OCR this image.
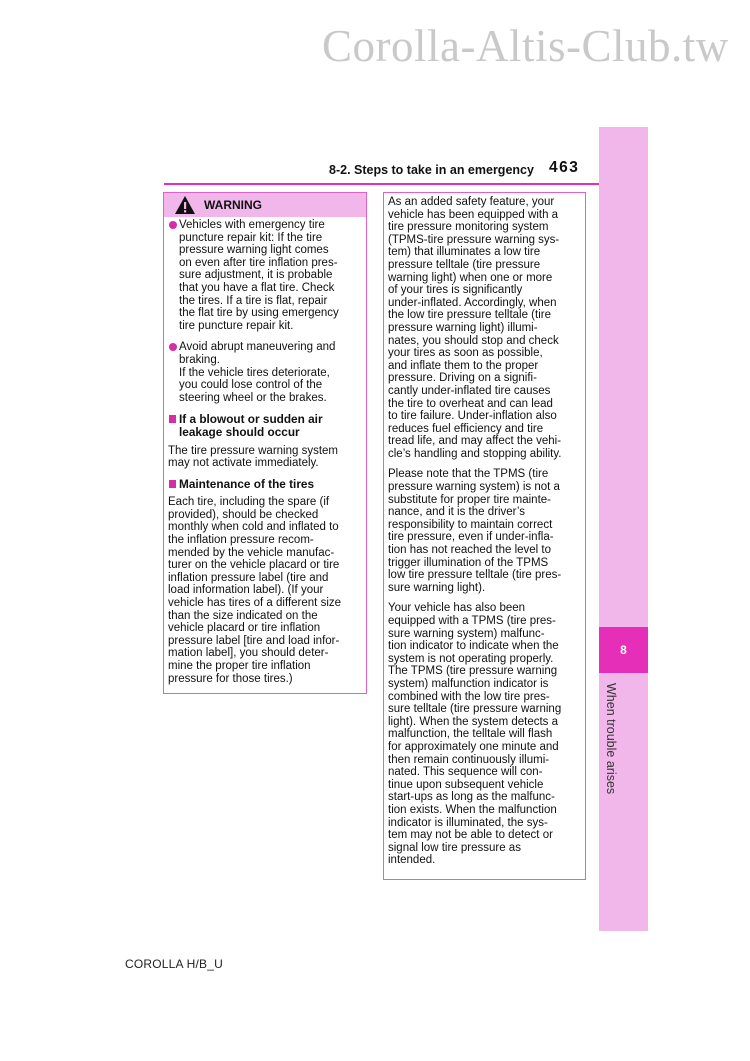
Corolla-Altis-Club.tw
8
When trouble arises
8-2. Steps to take in an emergency 463
WARNING
Vehicles with emergency tire
puncture repair kit: If the tire
pressure warning light comes
on even after tire inflation pres-
sure adjustment, it is probable
that you have a flat tire. Check
the tires. If a tire is flat, repair
the flat tire by using emergency
tire puncture repair kit.
Avoid abrupt maneuvering and
braking.
If the vehicle tires deteriorate,
you could lose control of the
steering wheel or the brakes.
If a blowout or sudden air
leakage should occur
The tire pressure warning system
may not activate immediately.
Maintenance of the tires
Each tire, including the spare (if
provided), should be checked
monthly when cold and inflated to
the inflation pressure recom-
mended by the vehicle manufac-
turer on the vehicle placard or tire
inflation pressure label (tire and
load information label). (If your
vehicle has tires of a different size
than the size indicated on the
vehicle placard or tire inflation
pressure label [tire and load infor-
mation label], you should deter-
mine the proper tire inflation
pressure for those tires.)
As an added safety feature, your
vehicle has been equipped with a
tire pressure monitoring system
(TPMS-tire pressure warning sys-
tem) that illuminates a low tire
pressure telltale (tire pressure
warning light) when one or more
of your tires is significantly
under-inflated. Accordingly, when
the low tire pressure telltale (tire
pressure warning light) illumi-
nates, you should stop and check
your tires as soon as possible,
and inflate them to the proper
pressure. Driving on a signifi-
cantly under-inflated tire causes
the tire to overheat and can lead
to tire failure. Under-inflation also
reduces fuel efficiency and tire
tread life, and may affect the vehi-
cle’s handling and stopping ability.
Please note that the TPMS (tire
pressure warning system) is not a
substitute for proper tire mainte-
nance, and it is the driver’s
responsibility to maintain correct
tire pressure, even if under-infla-
tion has not reached the level to
trigger illumination of the TPMS
low tire pressure telltale (tire pres-
sure warning light).
Your vehicle has also been
equipped with a TPMS (tire pres-
sure warning system) malfunc-
tion indicator to indicate when the
system is not operating properly.
The TPMS (tire pressure warning
system) malfunction indicator is
combined with the low tire pres-
sure telltale (tire pressure warning
light). When the system detects a
malfunction, the telltale will flash
for approximately one minute and
then remain continuously illumi-
nated. This sequence will con-
tinue upon subsequent vehicle
start-ups as long as the malfunc-
tion exists. When the malfunction
indicator is illuminated, the sys-
tem may not be able to detect or
signal low tire pressure as
intended.
COROLLA H/B_U
